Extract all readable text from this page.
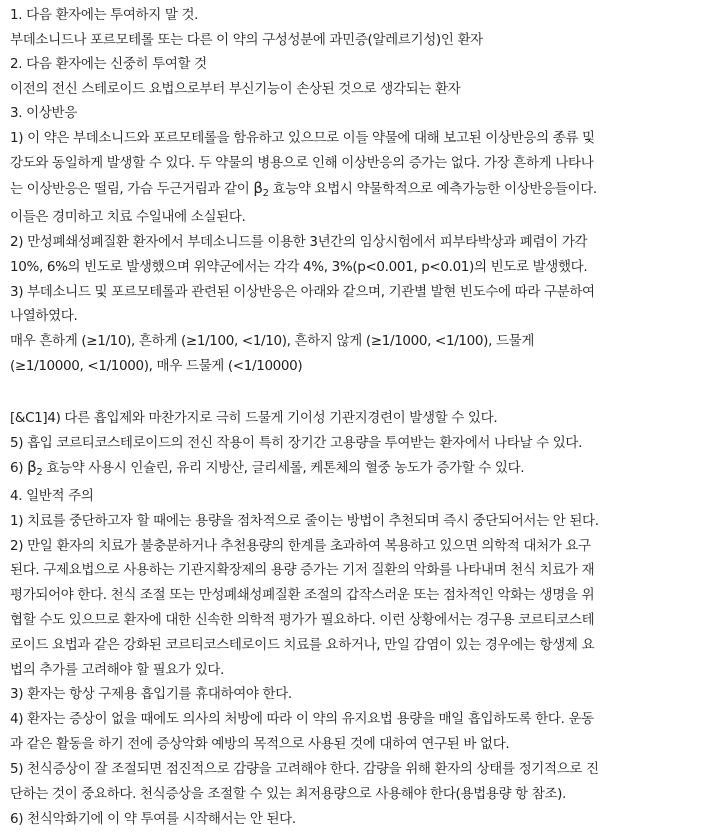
1. 다음 환자에는 투여하지 말 것.
부데소니드나 포르모테롤 또는 다른 이 약의 구성성분에 과민증(알레르기성)인 환자
2. 다음 환자에는 신중히 투여할 것
이전의 전신 스테로이드 요법으로부터 부신기능이 손상된 것으로 생각되는 환자
3. 이상반응
1) 이 약은 부데소니드와 포르모테롤을 함유하고 있으므로 이들 약물에 대해 보고된 이상반응의 종류 및
강도와 동일하게 발생할 수 있다. 두 약물의 병용으로 인해 이상반응의 증가는 없다. 가장 흔하게 나타나
는 이상반응은 떨림, 가슴 두근거림과 같이 $\beta_2$ 효능약 요법시 약물학적으로 예측가능한 이상반응들이다.
이들은 경미하고 치료 수일내에 소실된다.
2) 만성폐쇄성폐질환 환자에서 부데소니드를 이용한 3년간의 임상시험에서 피부타박상과 폐렴이 가각
10%, 6%의 빈도로 발생했으며 위약군에서는 각각 4%, 3%(p<0.001, p<0.01)의 빈도로 발생했다.
3) 부데소니드 및 포르모테롤과 관련된 이상반응은 아래와 같으며, 기관별 발현 빈도수에 따라 구분하여
나열하였다.
매우 흔하게 (≥1/10), 흔하게 (≥1/100, <1/10), 흔하지 않게 (≥1/1000, <1/100), 드물게
(≥1/10000, <1/1000), 매우 드물게 (<1/10000)
[&C1]4) 다른 흡입제와 마찬가지로 극히 드물게 기이성 기관지경련이 발생할 수 있다.
5) 흡입 코르티코스테로이드의 전신 작용이 특히 장기간 고용량을 투여받는 환자에서 나타날 수 있다.
6) $\beta_2$ 효능약 사용시 인슐린, 유리 지방산, 글리세롤, 케톤체의 혈중 농도가 증가할 수 있다.
4. 일반적 주의
1) 치료를 중단하고자 할 때에는 용량을 점차적으로 줄이는 방법이 추천되며 즉시 중단되어서는 안 된다.
2) 만일 환자의 치료가 불충분하거나 추천용량의 한계를 초과하여 복용하고 있으면 의학적 대처가 요구
된다. 구제요법으로 사용하는 기관지확장제의 용량 증가는 기저 질환의 악화를 나타내며 천식 치료가 재
평가되어야 한다. 천식 조절 또는 만성폐쇄성폐질환 조절의 갑작스러운 또는 점차적인 악화는 생명을 위
협할 수도 있으므로 환자에 대한 신속한 의학적 평가가 필요하다. 이런 상황에서는 경구용 코르티코스테
로이드 요법과 같은 강화된 코르티코스테로이드 치료를 요하거나, 만일 감염이 있는 경우에는 항생제 요
법의 추가를 고려해야 할 필요가 있다.
3) 환자는 항상 구제용 흡입기를 휴대하여야 한다.
4) 환자는 증상이 없을 때에도 의사의 처방에 따라 이 약의 유지요법 용량을 매일 흡입하도록 한다. 운동
과 같은 활동을 하기 전에 증상악화 예방의 목적으로 사용된 것에 대하여 연구된 바 없다.
5) 천식증상이 잘 조절되면 점진적으로 감량을 고려해야 한다. 감량을 위해 환자의 상태를 정기적으로 진
단하는 것이 중요하다. 천식증상을 조절할 수 있는 최저용량으로 사용해야 한다(용법용량 항 참조).
6) 천식악화기에 이 약 투여를 시작해서는 안 된다.
